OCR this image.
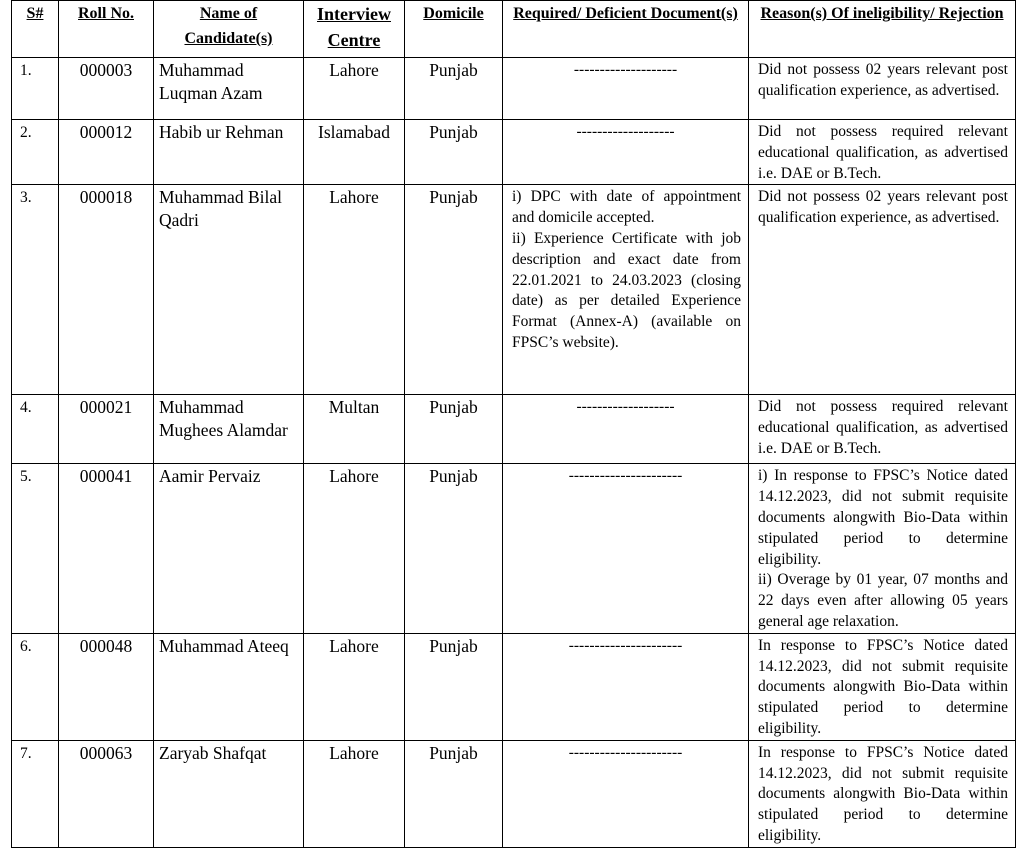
S#	Roll No.	Name of Candidate(s)	Interview Centre	Domicile	Required/ Deficient Document(s)	Reason(s) Of ineligibility/ Rejection
1.	000003	Muhammad Luqman Azam	Lahore	Punjab	--------------------	Did not possess 02 years relevant post qualification experience, as advertised.

2.	000012	Habib ur Rehman	Islamabad	Punjab	-------------------	Did not possess required relevant educational qualification, as advertised i.e. DAE or B.Tech.

3.	000018	Muhammad Bilal Qadri	Lahore	Punjab	i) DPC with date of appointment and domicile accepted.
ii) Experience Certificate with job description and exact date from 22.01.2021 to 24.03.2023 (closing date) as per detailed Experience Format (Annex-A) (available on FPSC’s website).	Did not possess 02 years relevant post qualification experience, as advertised.

4.	000021	Muhammad Mughees Alamdar	Multan	Punjab	-------------------	Did not possess required relevant educational qualification, as advertised i.e. DAE or B.Tech.

5.	000041	Aamir Pervaiz	Lahore	Punjab	----------------------	i) In response to FPSC’s Notice dated 14.12.2023, did not submit requisite documents alongwith Bio-Data within stipulated period to determine eligibility.
ii) Overage by 01 year, 07 months and 22 days even after allowing 05 years general age relaxation.

6.	000048	Muhammad Ateeq	Lahore	Punjab	----------------------	In response to FPSC’s Notice dated 14.12.2023, did not submit requisite documents alongwith Bio-Data within stipulated period to determine eligibility.

7.	000063	Zaryab Shafqat	Lahore	Punjab	----------------------	In response to FPSC’s Notice dated 14.12.2023, did not submit requisite documents alongwith Bio-Data within stipulated period to determine eligibility.
